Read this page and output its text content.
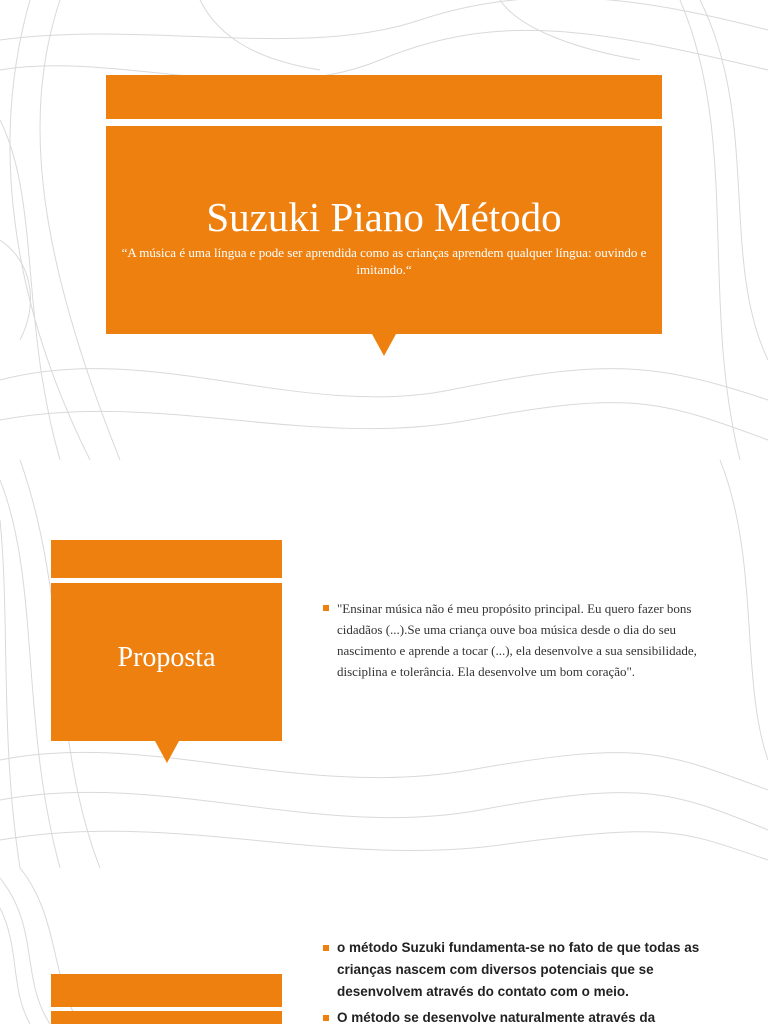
Suzuki Piano Método
“A música é uma língua e pode ser aprendida como as crianças aprendem qualquer língua: ouvindo e imitando.“
Proposta
"Ensinar música não é meu propósito principal. Eu quero fazer bons cidadãos (...).Se uma criança ouve boa música desde o dia do seu nascimento e aprende a tocar (...), ela desenvolve a sua sensibilidade, disciplina e tolerância. Ela desenvolve um bom coração".
o método Suzuki fundamenta-se no fato de que todas as crianças nascem com diversos potenciais que se desenvolvem através do contato com o meio.
O método se desenvolve naturalmente através da
